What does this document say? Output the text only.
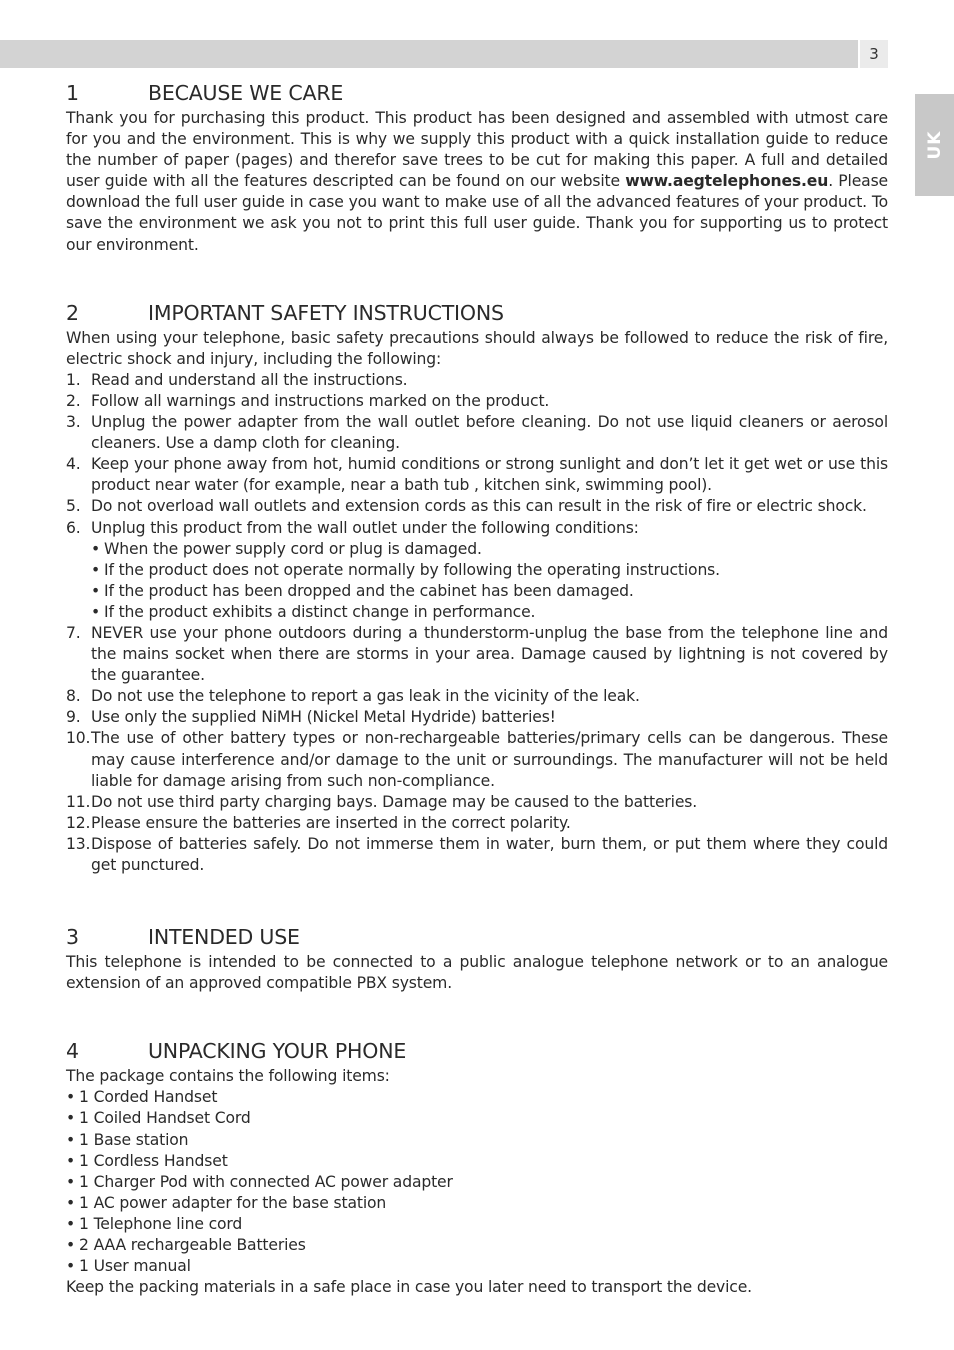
3
UK
1	BECAUSE WE CARE

Thank you for purchasing this product. This product has been designed and assembled with utmost care for you and the environment. This is why we supply this product with a quick installation guide to reduce the number of paper (pages) and therefor save trees to be cut for making this paper. A full and detailed user guide with all the features descripted can be found on our website www.aegtelephones.eu. Please download the full user guide in case you want to make use of all the advanced features of your product. To save the environment we ask you not to print this full user guide. Thank you for supporting us to protect our environment.

2	IMPORTANT SAFETY INSTRUCTIONS

When using your telephone, basic safety precautions should always be followed to reduce the risk of fire, electric shock and injury, including the following:

1. Read and understand all the instructions.
2. Follow all warnings and instructions marked on the product.
3. Unplug the power adapter from the wall outlet before cleaning. Do not use liquid cleaners or aerosol cleaners. Use a damp cloth for cleaning.
4. Keep your phone away from hot, humid conditions or strong sunlight and don’t let it get wet or use this product near water (for example, near a bath tub , kitchen sink, swimming pool).
5. Do not overload wall outlets and extension cords as this can result in the risk of fire or electric shock.
6. Unplug this product from the wall outlet under the following conditions:
• When the power supply cord or plug is damaged.
• If the product does not operate normally by following the operating instructions.
• If the product has been dropped and the cabinet has been damaged.
• If the product exhibits a distinct change in performance.
7. NEVER use your phone outdoors during a thunderstorm-unplug the base from the telephone line and the mains socket when there are storms in your area. Damage caused by lightning is not covered by the guarantee.
8. Do not use the telephone to report a gas leak in the vicinity of the leak.
9. Use only the supplied NiMH (Nickel Metal Hydride) batteries!
10. The use of other battery types or non-rechargeable batteries/primary cells can be dangerous. These may cause interference and/or damage to the unit or surroundings. The manufacturer will not be held liable for damage arising from such non-compliance.
11. Do not use third party charging bays. Damage may be caused to the batteries.
12. Please ensure the batteries are inserted in the correct polarity.
13. Dispose of batteries safely. Do not immerse them in water, burn them, or put them where they could get punctured.
3	INTENDED USE

This telephone is intended to be connected to a public analogue telephone network or to an analogue extension of an approved compatible PBX system.

4	UNPACKING YOUR PHONE

The package contains the following items:

• 1 Corded Handset
• 1 Coiled Handset Cord
• 1 Base station
• 1 Cordless Handset
• 1 Charger Pod with connected AC power adapter
• 1 AC power adapter for the base station
• 1 Telephone line cord
• 2 AAA rechargeable Batteries
• 1 User manual

Keep the packing materials in a safe place in case you later need to transport the device.
